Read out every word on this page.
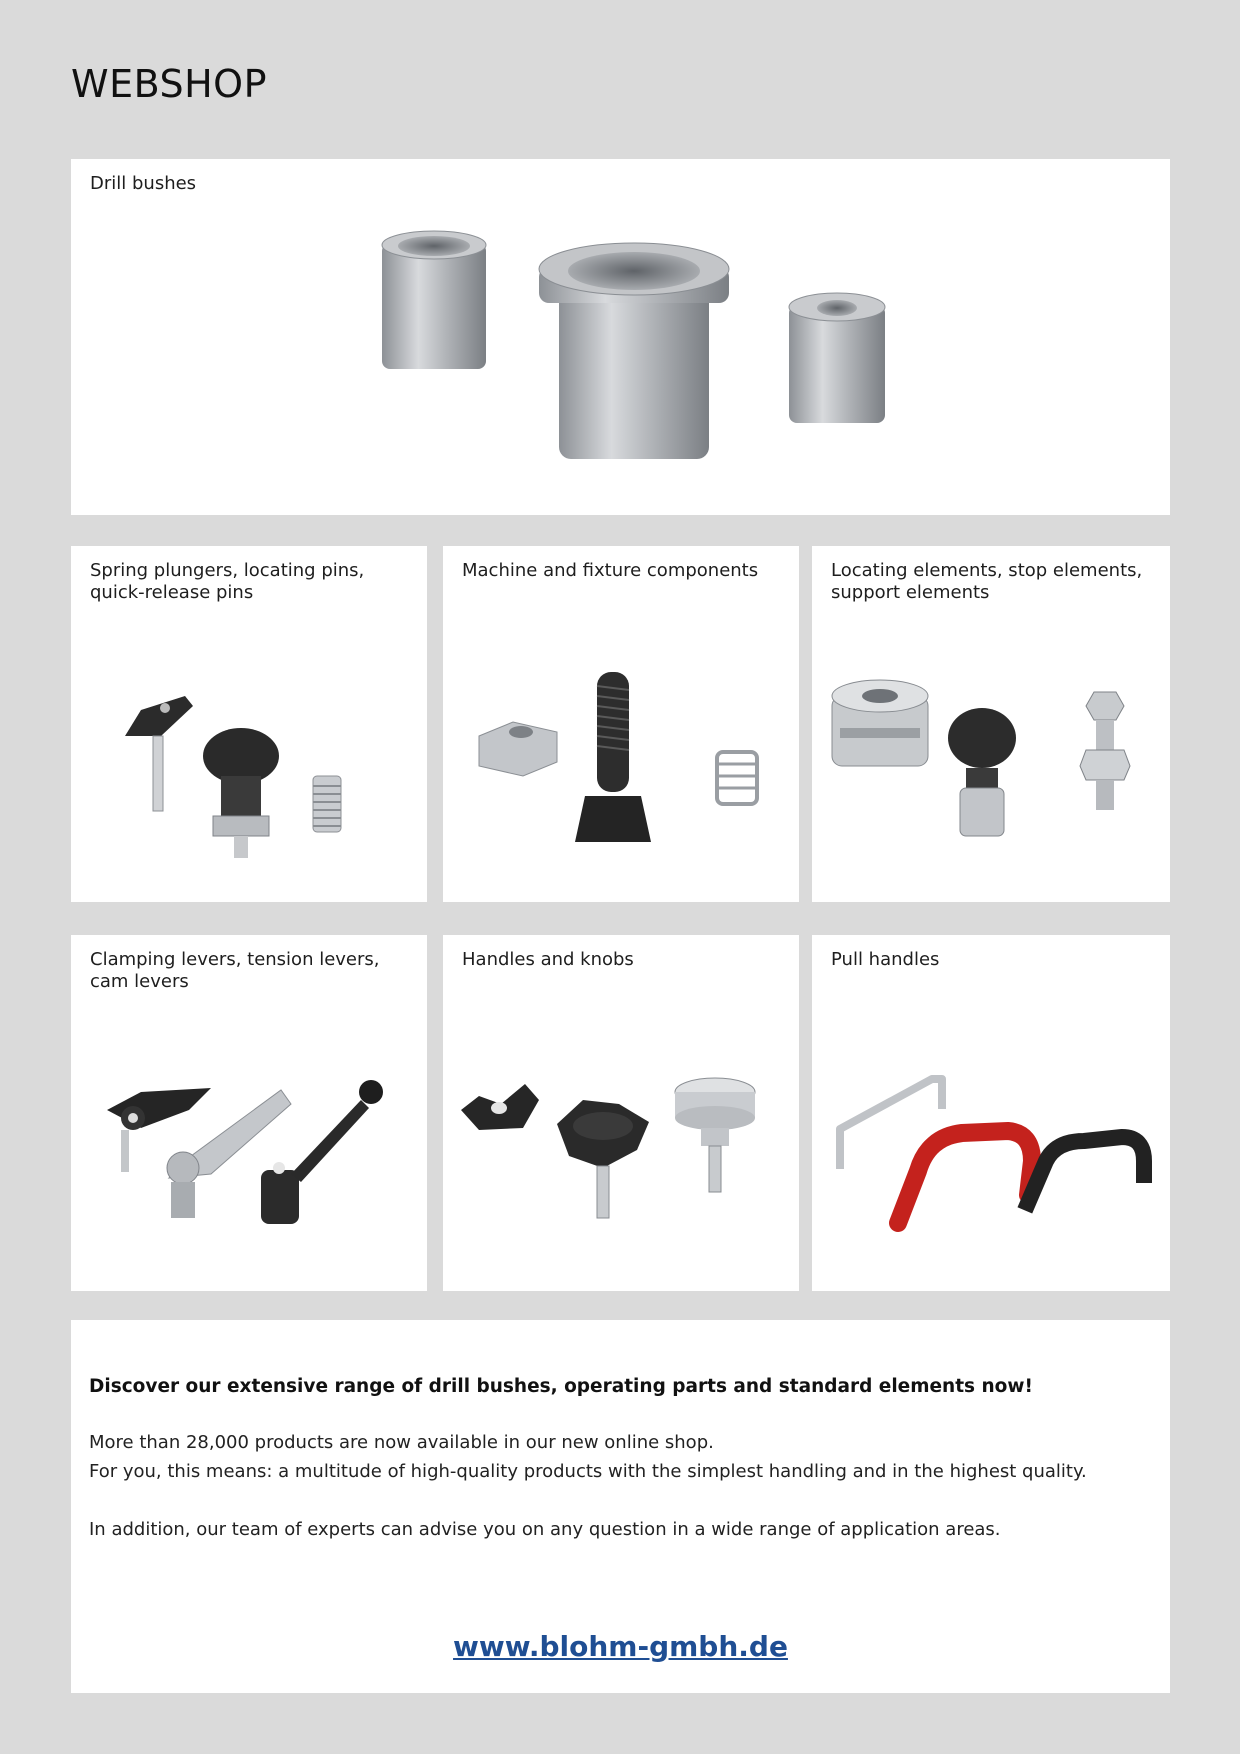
WEBSHOP
Drill bushes
Spring plungers, locating pins,
quick-release pins
Machine and fixture components	Locating elements, stop elements,
support elements
Clamping levers, tension levers,
cam levers
Handles and knobs	Pull handles
Discover our extensive range of drill bushes, operating parts and standard elements now!
More than 28,000 products are now available in our new online shop.
For you, this means: a multitude of high-quality products with the simplest handling and in the highest quality.
In addition, our team of experts can advise you on any question in a wide range of application areas.
www.blohm-gmbh.de
